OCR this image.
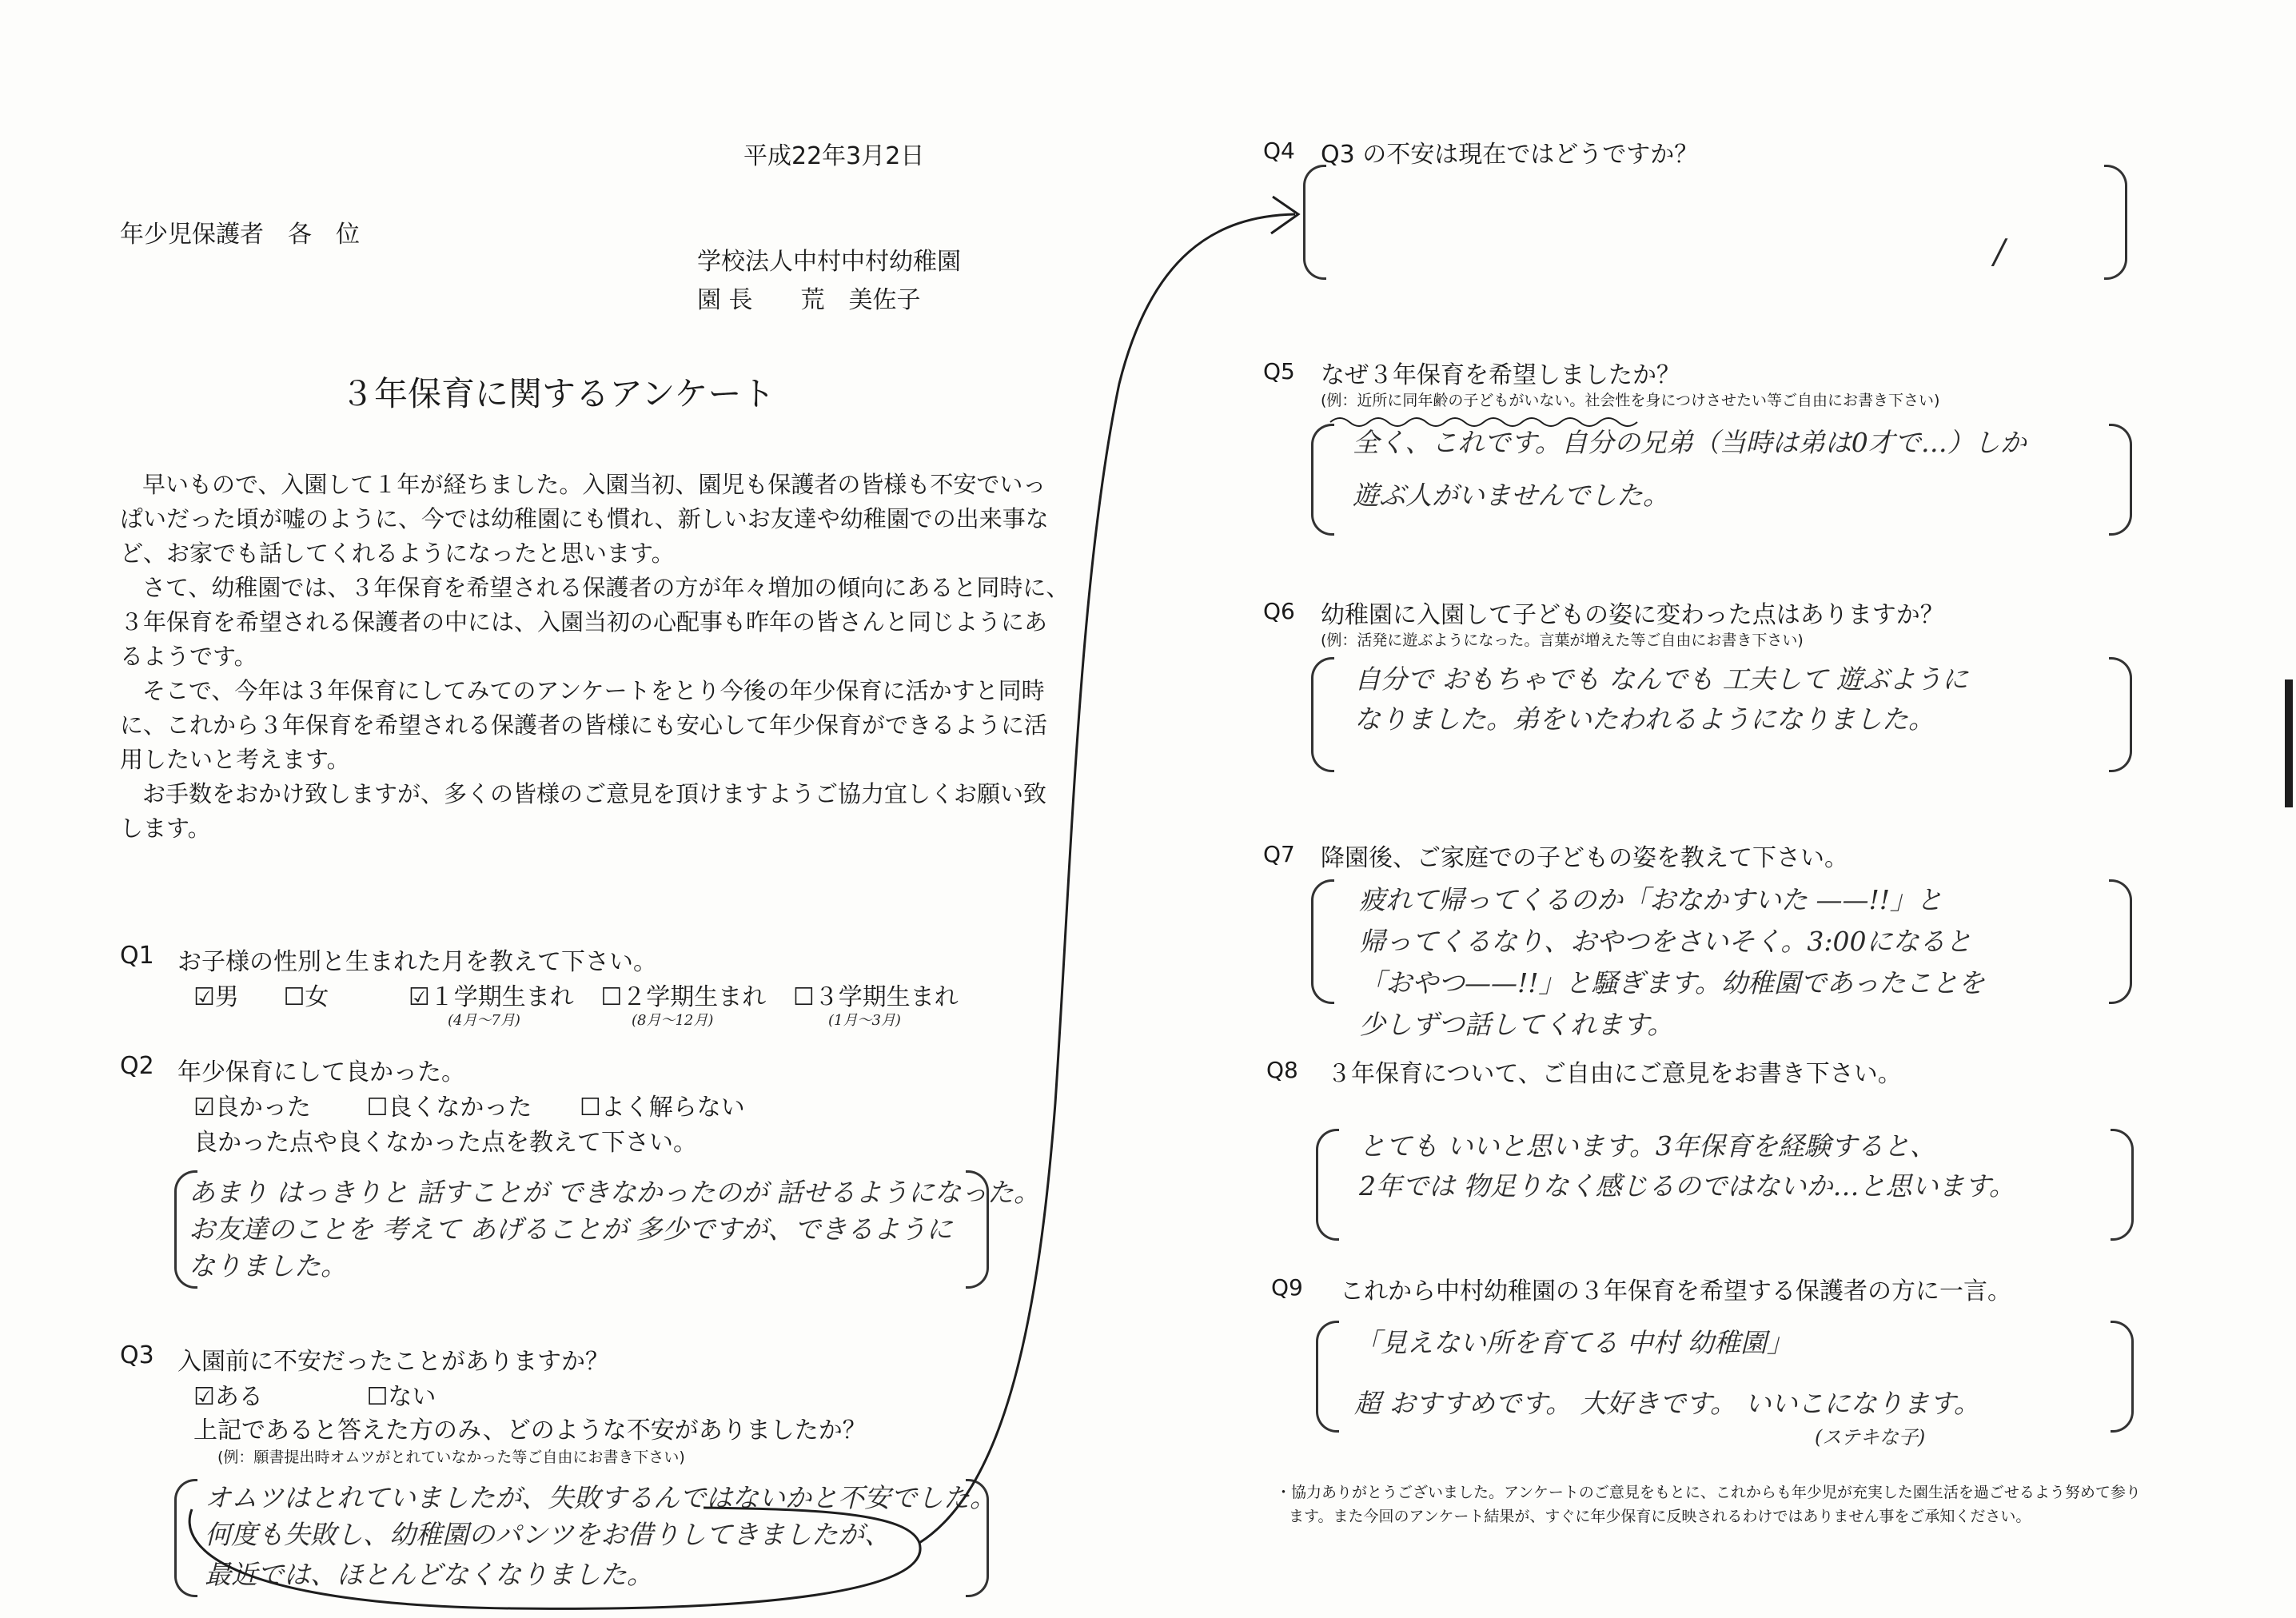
平成22年3月2日
年少児保護者　各　位
学校法人中村中村幼稚園
園 長　　荒　美佐子
３年保育に関するアンケート

早いもので、入園して１年が経ちました。入園当初、園児も保護者の皆様も不安でいっ

ぱいだった頃が嘘のように、今では幼稚園にも慣れ、新しいお友達や幼稚園での出来事な

ど、お家でも話してくれるようになったと思います。

さて、幼稚園では、３年保育を希望される保護者の方が年々増加の傾向にあると同時に、

３年保育を希望される保護者の中には、入園当初の心配事も昨年の皆さんと同じようにあ

るようです。

そこで、今年は３年保育にしてみてのアンケートをとり今後の年少保育に活かすと同時

に、これから３年保育を希望される保護者の皆様にも安心して年少保育ができるように活

用したいと考えます。

お手数をおかけ致しますが、多くの皆様のご意見を頂けますようご協力宜しくお願い致

します。

Q1 お子様の性別と生まれた月を教えて下さい。
☑男 ☐女	☑１学期生まれ ☐２学期生まれ ☐３学期生まれ
(4月〜7月)	(8月〜12月)	(1月〜3月)
Q2 年少保育にして良かった。
☑良かった ☐良くなかった ☐よく解らない
良かった点や良くなかった点を教えて下さい。
あまり はっきりと 話すことが できなかったのが 話せるようになった。
お友達のことを 考えて あげることが 多少ですが、できるように
なりました。
Q3 入園前に不安だったことがありますか？
☑ある	☐ない
上記であると答えた方のみ、どのような不安がありましたか？
(例：願書提出時オムツがとれていなかった等ご自由にお書き下さい)
オムツはとれていましたが、失敗するんではないかと不安でした。
何度も失敗し、幼稚園のパンツをお借りしてきましたが、
最近では、ほとんどなくなりました。
Q4 Q3 の不安は現在ではどうですか？
/
Q5 なぜ３年保育を希望しましたか？
(例：近所に同年齢の子どもがいない。社会性を身につけさせたい等ご自由にお書き下さい)
全く、これです。自分の兄弟（当時は弟は0才で…）しか
遊ぶ人がいませんでした。
Q6 幼稚園に入園して子どもの姿に変わった点はありますか？
(例：活発に遊ぶようになった。言葉が増えた等ご自由にお書き下さい)
自分で おもちゃでも なんでも 工夫して 遊ぶように
なりました。弟をいたわれるようになりました。
Q7 降園後、ご家庭での子どもの姿を教えて下さい。
疲れて帰ってくるのか「おなかすいた ——!!」と
帰ってくるなり、おやつをさいそく。3:00になると
「おやつ——!!」と騒ぎます。幼稚園であったことを
少しずつ話してくれます。
Q8 ３年保育について、ご自由にご意見をお書き下さい。
とても いいと思います。3年保育を経験すると、
2年では 物足りなく感じるのではないか…と思います。
Q9 これから中村幼稚園の３年保育を希望する保護者の方に一言。
「見えない所を育てる 中村 幼稚園」
超 おすすめです。 大好きです。 いいこになります。
(ステキな子)
・協力ありがとうございました。アンケートのご意見をもとに、これからも年少児が充実した園生活を過ごせるよう努めて参り
ます。また今回のアンケート結果が、すぐに年少保育に反映されるわけではありません事をご承知ください。
